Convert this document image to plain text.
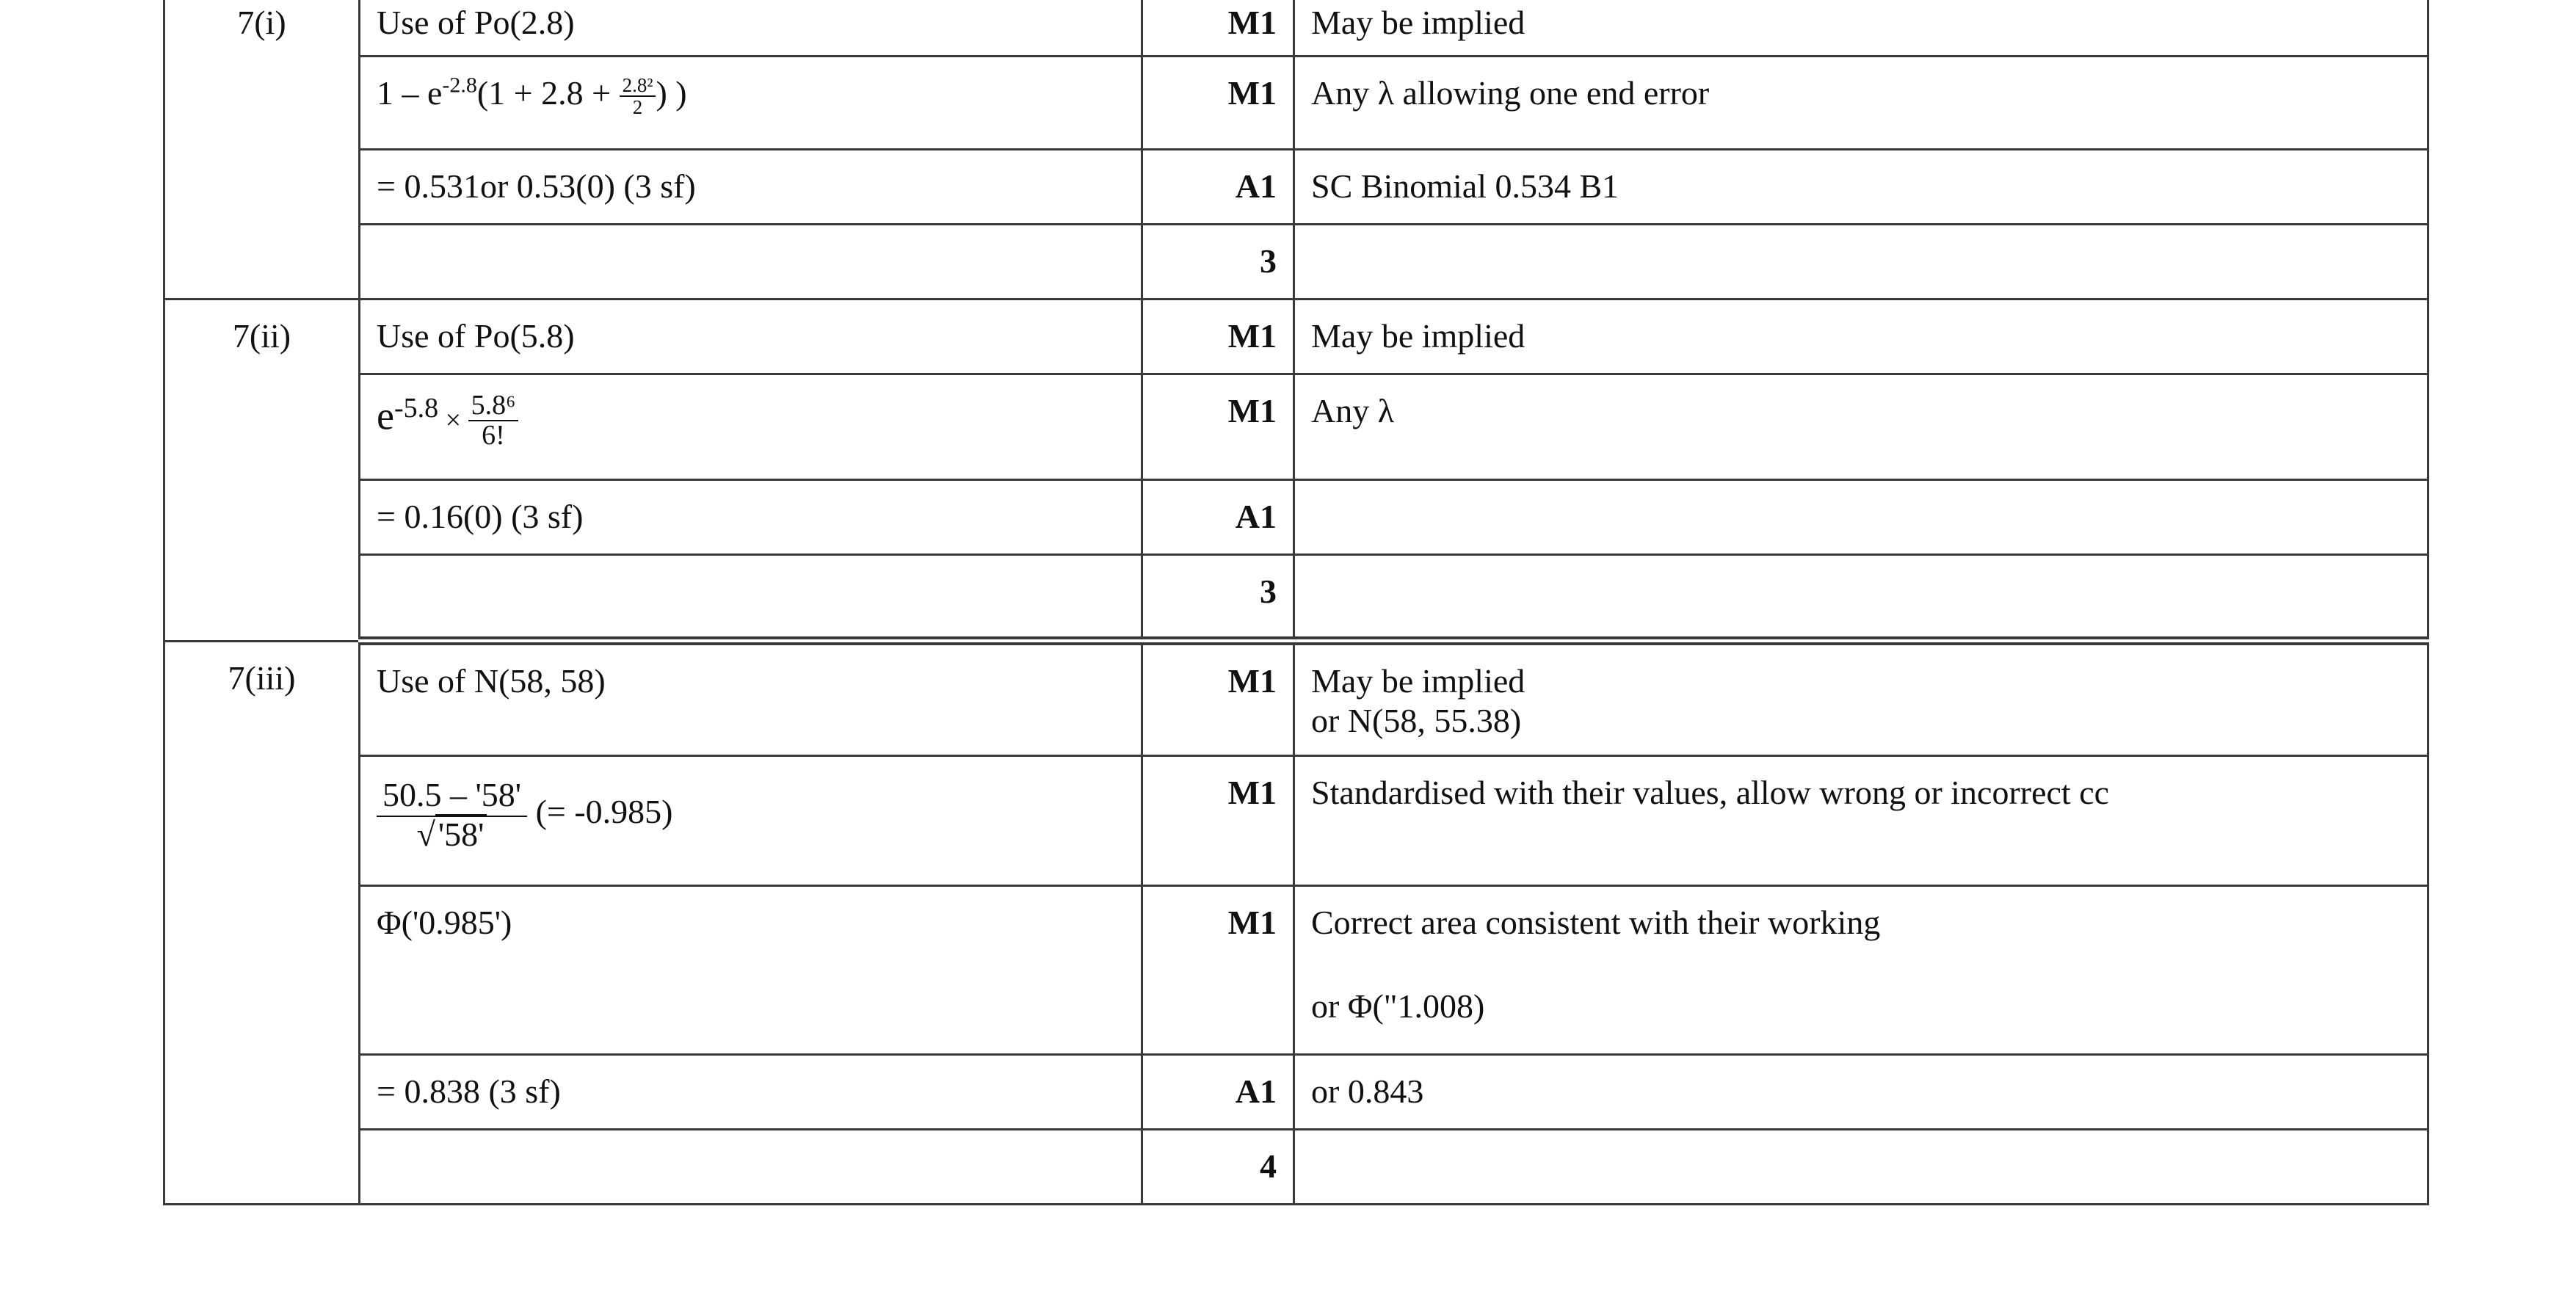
7(i)	Use of Po(2.8)	M1	May be implied
	$1 - e^{-2.8}(1 + 2.8 + \frac{\text{2.8²}}{2}$ ) )	M1	Any λ allowing one end error
	= 0.531or 0.53(0) (3 sf)	A1	SC Binomial 0.534 B1
		3	
7(ii)	Use of Po(5.8)	M1	May be implied
	$e^{-5.8} \times \frac{\text{5.8⁶}}{6!}$	M1	Any λ
	= 0.16(0) (3 sf)	A1	
		3	
7(iii)	Use of N(58, 58)	M1	May be implied
or N(58, 55.38)

	$\frac{50.5 - '58'}{√'58'}$ (= -0.985)	M1	Standardised with their values, allow wrong or incorrect cc
	Φ('0.985')	M1	Correct area consistent with their working
or Φ("1.008)

	= 0.838 (3 sf)	A1	or 0.843
		4	
